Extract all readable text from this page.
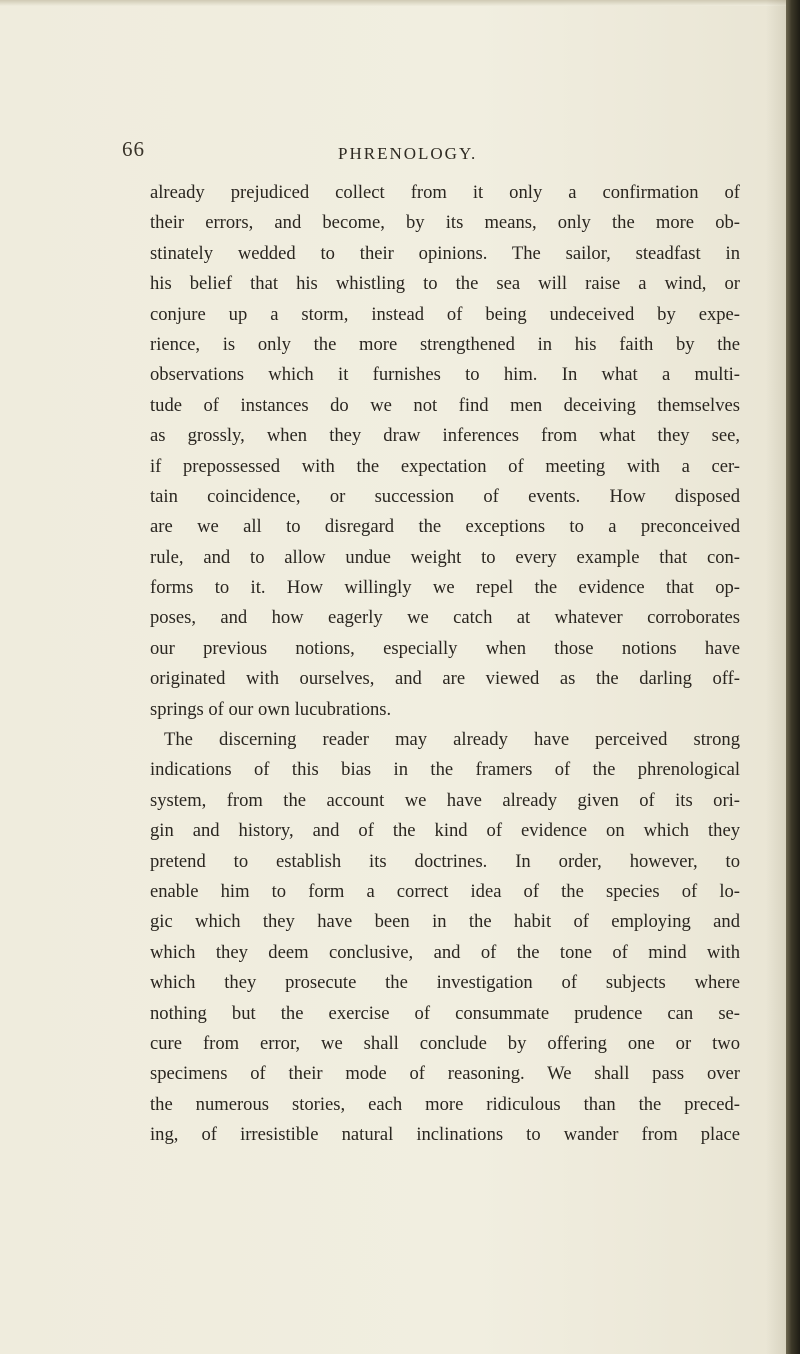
66	PHRENOLOGY.
already prejudiced collect from it only a confirmation of
their errors, and become, by its means, only the more ob-
stinately wedded to their opinions. The sailor, steadfast in
his belief that his whistling to the sea will raise a wind, or
conjure up a storm, instead of being undeceived by expe-
rience, is only the more strengthened in his faith by the
observations which it furnishes to him. In what a multi-
tude of instances do we not find men deceiving themselves
as grossly, when they draw inferences from what they see,
if prepossessed with the expectation of meeting with a cer-
tain coincidence, or succession of events. How disposed
are we all to disregard the exceptions to a preconceived
rule, and to allow undue weight to every example that con-
forms to it. How willingly we repel the evidence that op-
poses, and how eagerly we catch at whatever corroborates
our previous notions, especially when those notions have
originated with ourselves, and are viewed as the darling off-
springs of our own lucubrations.
The discerning reader may already have perceived strong
indications of this bias in the framers of the phrenological
system, from the account we have already given of its ori-
gin and history, and of the kind of evidence on which they
pretend to establish its doctrines. In order, however, to
enable him to form a correct idea of the species of lo-
gic which they have been in the habit of employing and
which they deem conclusive, and of the tone of mind with
which they prosecute the investigation of subjects where
nothing but the exercise of consummate prudence can se-
cure from error, we shall conclude by offering one or two
specimens of their mode of reasoning. We shall pass over
the numerous stories, each more ridiculous than the preced-
ing, of irresistible natural inclinations to wander from place
